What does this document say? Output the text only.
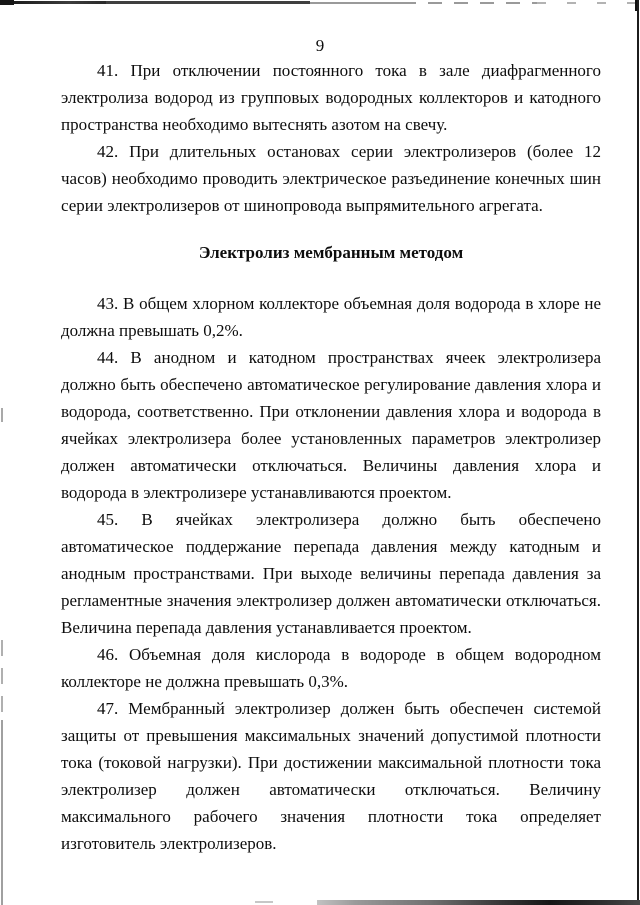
9

41. При отключении постоянного тока в зале диафрагменного электролиза водород из групповых водородных коллекторов и катодного пространства необходимо вытеснять азотом на свечу.

42. При длительных остановах серии электролизеров (более 12 часов) необходимо проводить электрическое разъединение конечных шин серии электролизеров от шинопровода выпрямительного агрегата.

Электролиз мембранным методом

43. В общем хлорном коллекторе объемная доля водорода в хлоре не должна превышать 0,2%.

44. В анодном и катодном пространствах ячеек электролизера должно быть обеспечено автоматическое регулирование давления хлора и водорода, соответственно. При отклонении давления хлора и водорода в ячейках электролизера более установленных параметров электролизер должен автоматически отключаться. Величины давления хлора и водорода в электролизере устанавливаются проектом.

45. В ячейках электролизера должно быть обеспечено автоматическое поддержание перепада давления между катодным и анодным пространствами. При выходе величины перепада давления за регламентные значения электролизер должен автоматически отключаться. Величина перепада давления устанавливается проектом.

46. Объемная доля кислорода в водороде в общем водородном коллекторе не должна превышать 0,3%.

47. Мембранный электролизер должен быть обеспечен системой защиты от превышения максимальных значений допустимой плотности тока (токовой нагрузки). При достижении максимальной плотности тока электролизер должен автоматически отключаться. Величину максимального рабочего значения плотности тока определяет изготовитель электролизеров.
